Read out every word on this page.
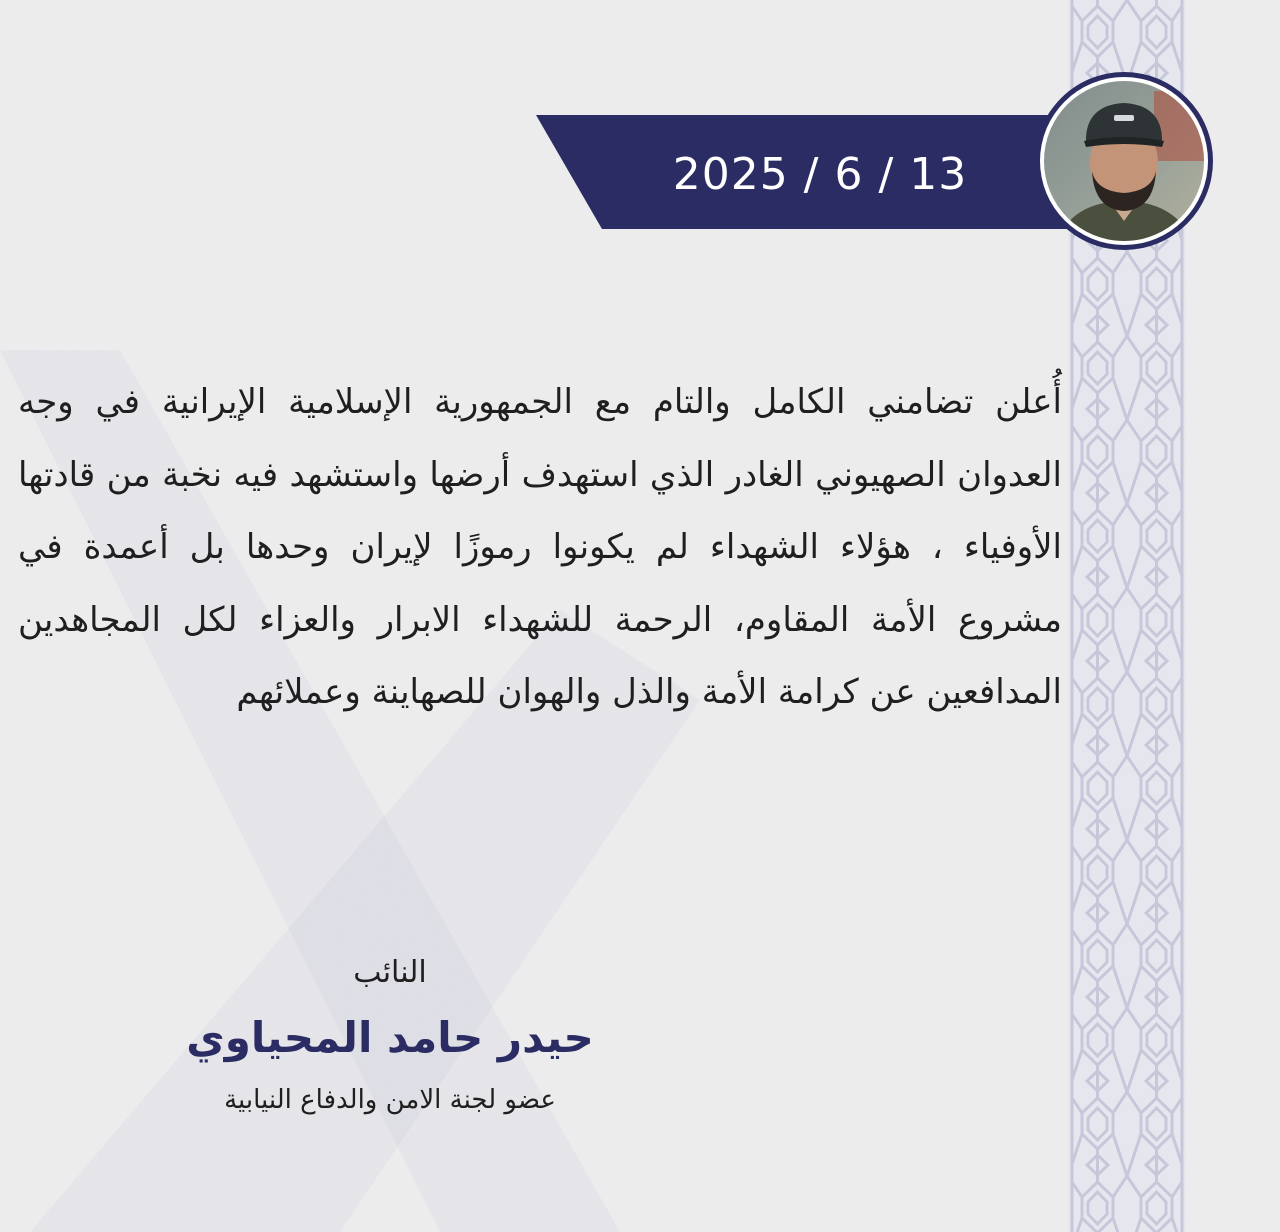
2025 / 6 / 13

أُعلن تضامني الكامل والتام مع الجمهورية الإسلامية الإيرانية في وجه العدوان الصهيوني الغادر الذي استهدف أرضها واستشهد فيه نخبة من قادتها الأوفياء ، هؤلاء الشهداء لم يكونوا رموزًا لإيران وحدها بل أعمدة في مشروع الأمة المقاوم، الرحمة للشهداء الابرار والعزاء لكل المجاهدين المدافعين عن كرامة الأمة والذل والهوان للصهاينة وعملائهم

النائب
حيدر حامد المحياوي
عضو لجنة الامن والدفاع النيابية
